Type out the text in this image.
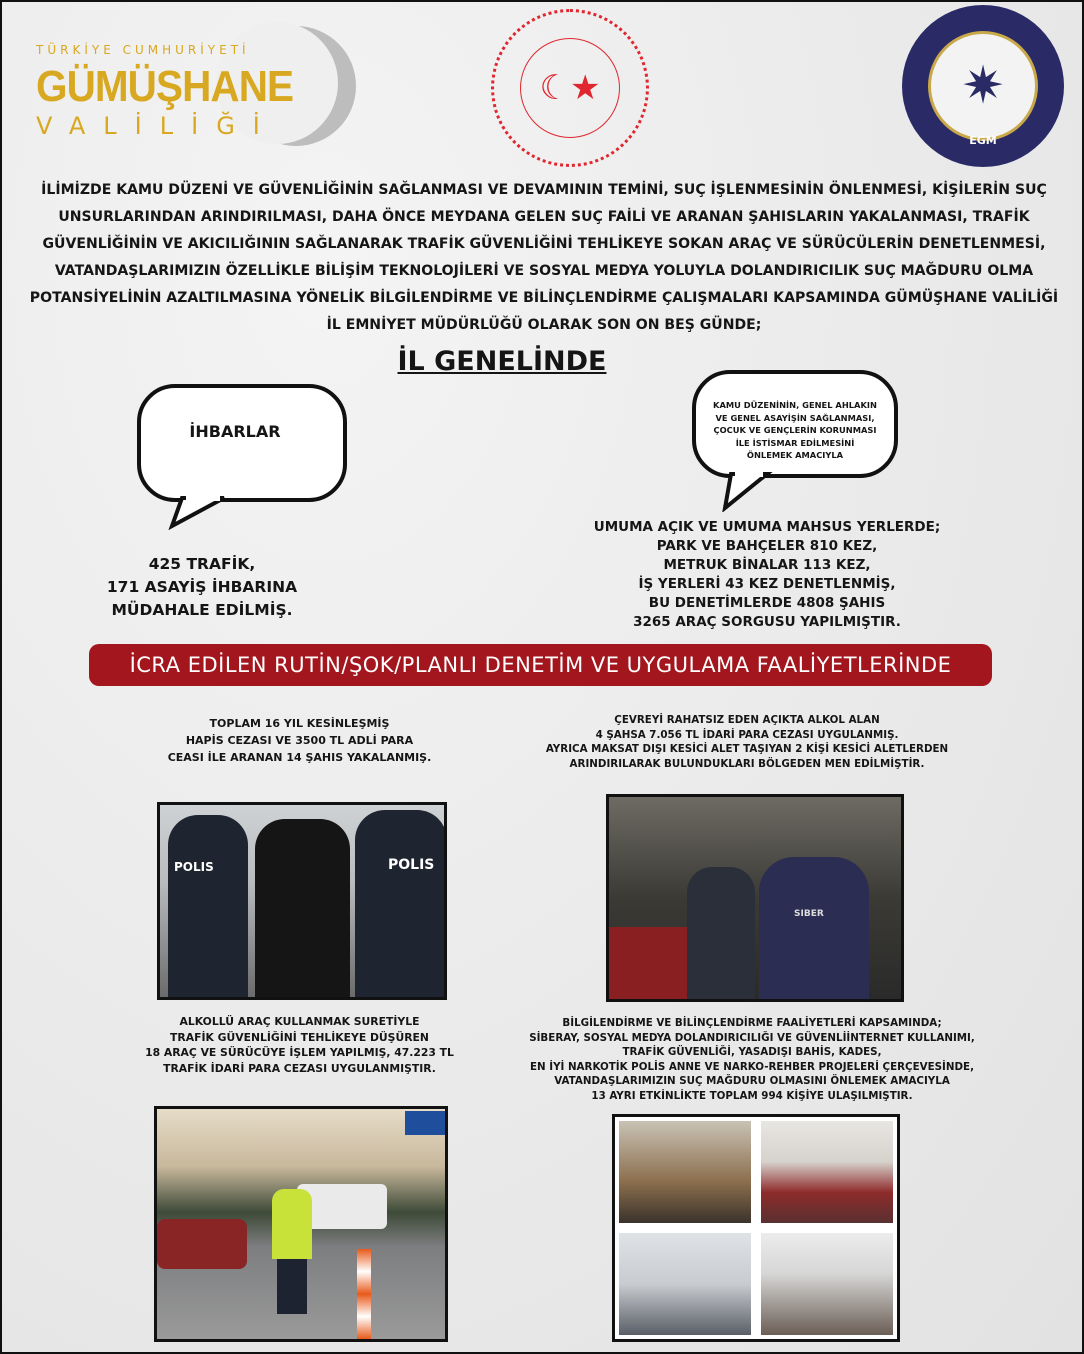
TÜRKİYE CUMHURİYETİ
GÜMÜŞHANE
VALİLİĞİ
☾★	✷
EGM
İLİMİZDE KAMU DÜZENİ VE GÜVENLİĞİNİN SAĞLANMASI VE DEVAMININ TEMİNİ, SUÇ İŞLENMESİNİN ÖNLENMESİ, KİŞİLERİN SUÇ UNSURLARINDAN ARINDIRILMASI, DAHA ÖNCE MEYDANA GELEN SUÇ FAİLİ VE ARANAN ŞAHISLARIN YAKALANMASI, TRAFİK GÜVENLİĞİNİN VE AKICILIĞININ SAĞLANARAK TRAFİK GÜVENLİĞİNİ TEHLİKEYE SOKAN ARAÇ VE SÜRÜCÜLERİN DENETLENMESİ, VATANDAŞLARIMIZIN ÖZELLİKLE BİLİŞİM TEKNOLOJİLERİ VE SOSYAL MEDYA YOLUYLA DOLANDIRICILIK SUÇ MAĞDURU OLMA POTANSİYELİNİN AZALTILMASINA YÖNELİK BİLGİLENDİRME VE BİLİNÇLENDİRME ÇALIŞMALARI KAPSAMINDA GÜMÜŞHANE VALİLİĞİ İL EMNİYET MÜDÜRLÜĞÜ OLARAK SON ON BEŞ GÜNDE;
İL GENELİNDE
İHBARLAR
425 TRAFİK,
171 ASAYİŞ İHBARINA
MÜDAHALE EDİLMİŞ.
KAMU DÜZENİNİN, GENEL AHLAKIN
VE GENEL ASAYİŞİN SAĞLANMASI,
ÇOCUK VE GENÇLERİN KORUNMASI
İLE İSTİSMAR EDİLMESİNİ
ÖNLEMEK AMACIYLA
UMUMA AÇIK VE UMUMA MAHSUS YERLERDE;
PARK VE BAHÇELER 810 KEZ,
METRUK BİNALAR 113 KEZ,
İŞ YERLERİ 43 KEZ DENETLENMİŞ,
BU DENETİMLERDE 4808 ŞAHIS
3265 ARAÇ SORGUSU YAPILMIŞTIR.
İCRA EDİLEN RUTİN/ŞOK/PLANLI DENETİM VE UYGULAMA FAALİYETLERİNDE
TOPLAM 16 YIL KESİNLEŞMİŞ
HAPİS CEZASI VE 3500 TL ADLİ PARA
CEASI İLE ARANAN 14 ŞAHIS YAKALANMIŞ.
ÇEVREYİ RAHATSIZ EDEN AÇIKTA ALKOL ALAN
4 ŞAHSA 7.056 TL İDARİ PARA CEZASI UYGULANMIŞ.
AYRICA MAKSAT DIŞI KESİCİ ALET TAŞIYAN 2 KİŞİ KESİCİ ALETLERDEN
ARINDIRILARAK BULUNDUKLARI BÖLGEDEN MEN EDİLMİŞTİR.
POLIS	POLIS
SIBER
ALKOLLÜ ARAÇ KULLANMAK SURETİYLE
TRAFİK GÜVENLİĞİNİ TEHLİKEYE DÜŞÜREN
18 ARAÇ VE SÜRÜCÜYE İŞLEM YAPILMIŞ, 47.223 TL
TRAFİK İDARİ PARA CEZASI UYGULANMIŞTIR.
BİLGİLENDİRME VE BİLİNÇLENDİRME FAALİYETLERİ KAPSAMINDA;
SİBERAY, SOSYAL MEDYA DOLANDIRICILIĞI VE GÜVENLİİNTERNET KULLANIMI,
TRAFİK GÜVENLİĞİ, YASADIŞI BAHİS, KADES,
EN İYİ NARKOTİK POLİS ANNE VE NARKO-REHBER PROJELERİ ÇERÇEVESİNDE,
VATANDAŞLARIMIZIN SUÇ MAĞDURU OLMASINI ÖNLEMEK AMACIYLA
13 AYRI ETKİNLİKTE TOPLAM 994 KİŞİYE ULAŞILMIŞTIR.
